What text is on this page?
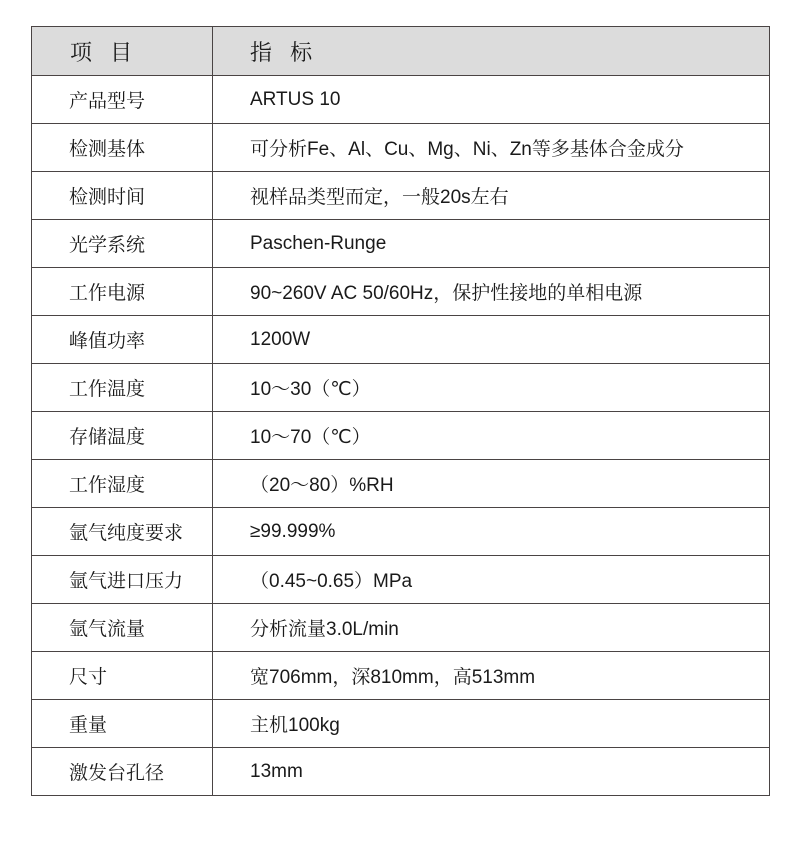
项 目	指 标
产品型号	ARTUS 10
检测基体	可分析Fe、Al、Cu、Mg、Ni、Zn等多基体合金成分
检测时间	视样品类型而定，一般20s左右
光学系统	Paschen-Runge
工作电源	90~260V AC 50/60Hz，保护性接地的单相电源
峰值功率	1200W
工作温度	10～30（℃）
存储温度	10～70（℃）
工作湿度	（20～80）%RH
氩气纯度要求	≥99.999%
氩气进口压力	（0.45~0.65）MPa
氩气流量	分析流量3.0L/min
尺寸	宽706mm，深810mm，高513mm
重量	主机100kg
激发台孔径	13mm
